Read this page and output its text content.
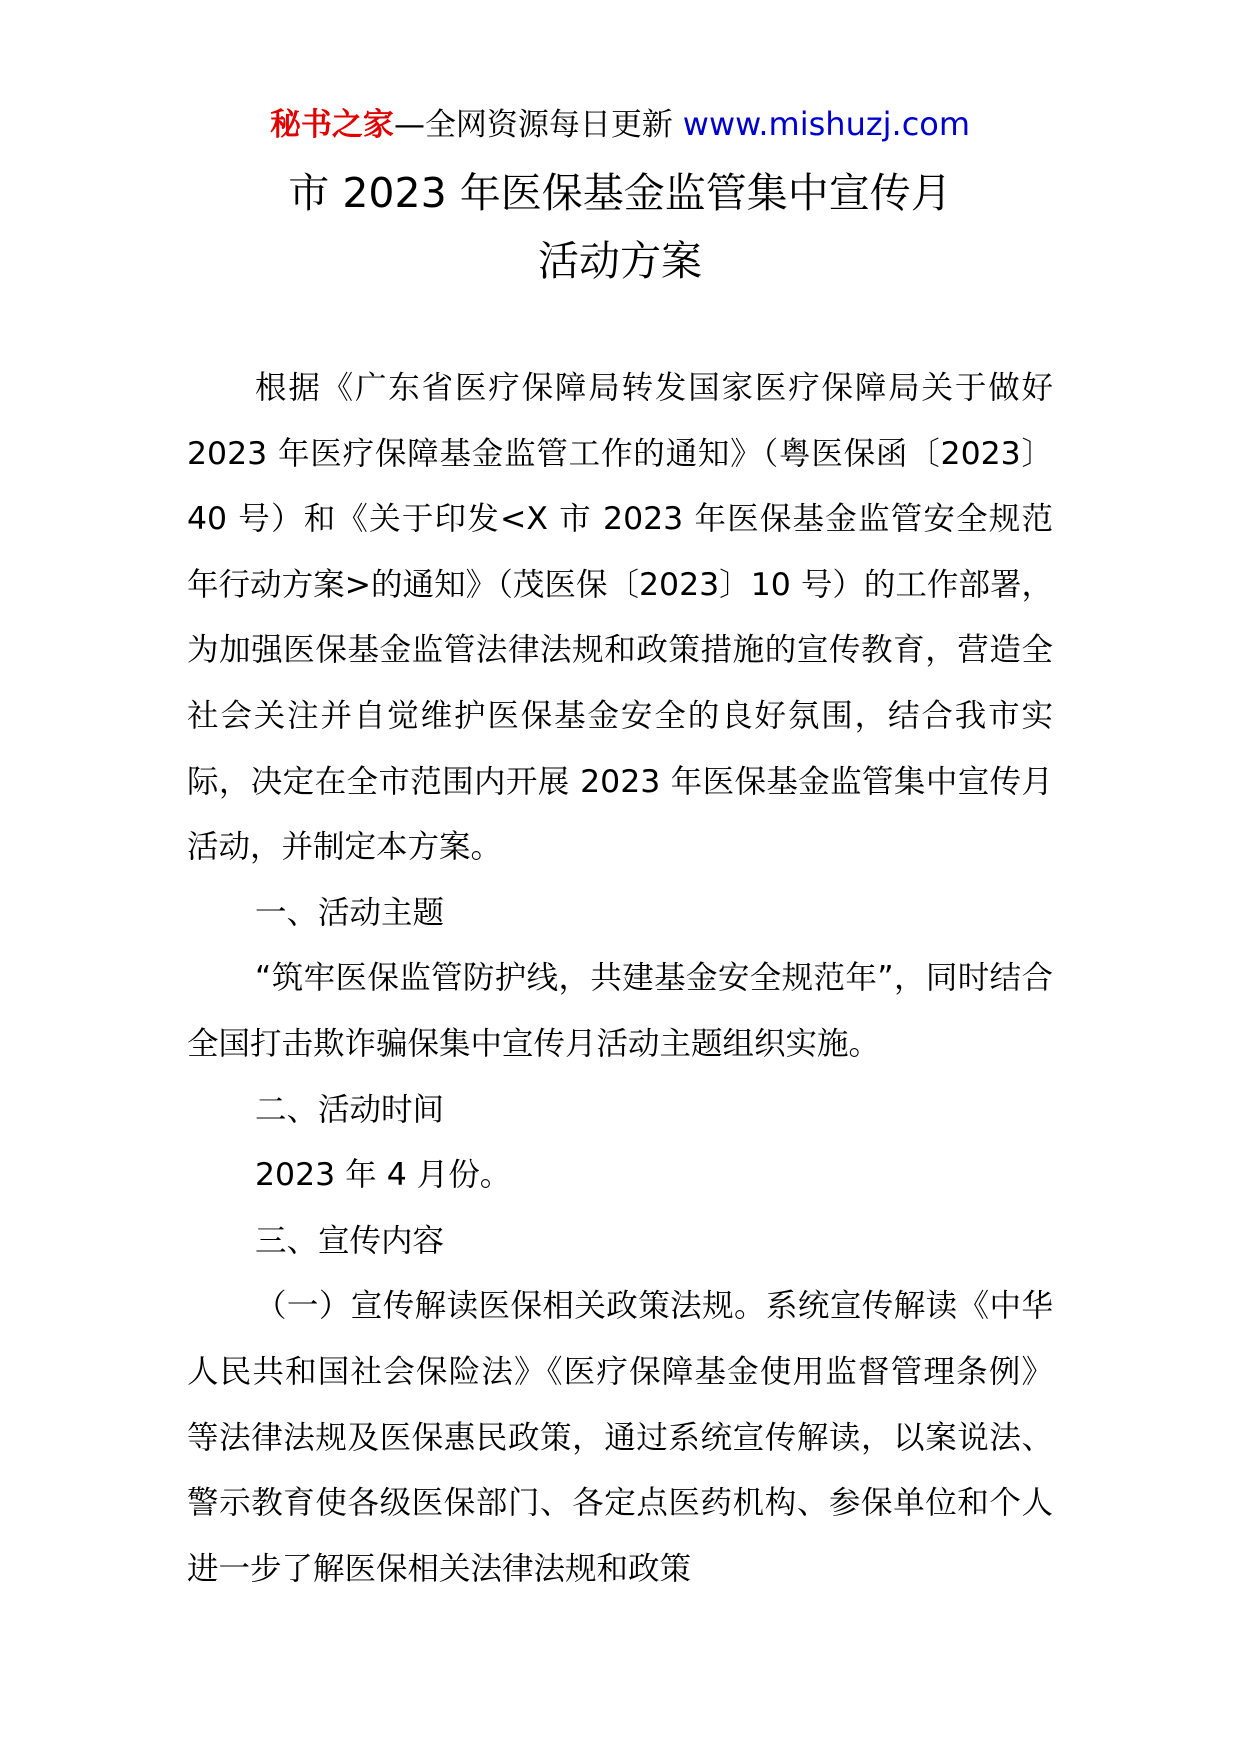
秘书之家—全网资源每日更新 www.mishuzj.com
市 2023 年医保基金监管集中宣传月
活动方案

根据《广东省医疗保障局转发国家医疗保障局关于做好 2023 年医疗保障基金监管工作的通知》（粤医保函〔2023〕40 号）和《关于印发<X 市 2023 年医保基金监管安全规范年行动方案>的通知》（茂医保〔2023〕10 号）的工作部署，为加强医保基金监管法律法规和政策措施的宣传教育，营造全社会关注并自觉维护医保基金安全的良好氛围，结合我市实际，决定在全市范围内开展 2023 年医保基金监管集中宣传月活动，并制定本方案。

一、活动主题

“筑牢医保监管防护线，共建基金安全规范年”，同时结合全国打击欺诈骗保集中宣传月活动主题组织实施。

二、活动时间

2023 年 4 月份。

三、宣传内容

（一）宣传解读医保相关政策法规。系统宣传解读《中华人民共和国社会保险法》《医疗保障基金使用监督管理条例》等法律法规及医保惠民政策，通过系统宣传解读，以案说法、警示教育使各级医保部门、各定点医药机构、参保单位和个人进一步了解医保相关法律法规和政策
